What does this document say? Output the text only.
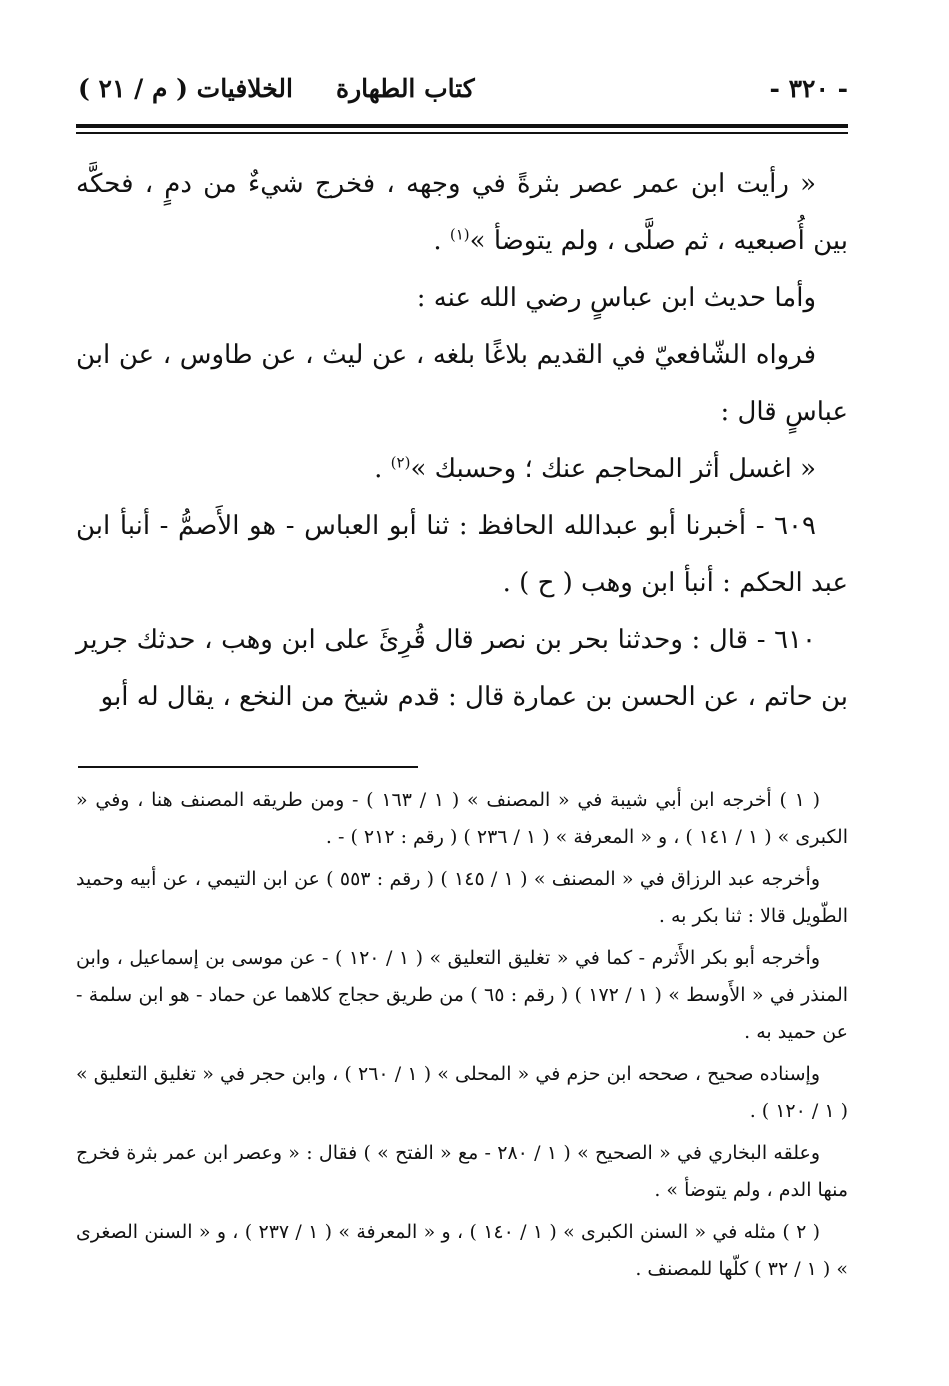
- ٣٢٠ -
كتاب الطهارة
الخلافيات ( م / ٢١ )

« رأيت ابن عمر عصر بثرةً في وجهه ، فخرج شيءٌ من دمٍ ، فحكَّه بين أُصبعيه ، ثم صلَّى ، ولم يتوضأ »$^{(١)}$ .

وأما حديث ابن عباسٍ رضي الله عنه :

فرواه الشّافعيّ في القديم بلاغًا بلغه ، عن ليث ، عن طاوس ، عن ابن عباسٍ قال :

« اغسل أثر المحاجم عنك ؛ وحسبك »$^{(٢)}$ .

٦٠٩ - أخبرنا أبو عبدالله الحافظ : ثنا أبو العباس - هو الأَصمُّ - أنبأ ابن عبد الحكم : أنبأ ابن وهب ( ح ) .

٦١٠ - قال : وحدثنا بحر بن نصر قال قُرِئَ على ابن وهب ، حدثك جرير بن حاتم ، عن الحسن بن عمارة قال : قدم شيخ من النخع ، يقال له أبو

( ١ ) أخرجه ابن أبي شيبة في « المصنف » ( ١ / ١٦٣ ) - ومن طريقه المصنف هنا ، وفي « الكبرى » ( ١ / ١٤١ ) ، و « المعرفة » ( ١ / ٢٣٦ ) ( رقم : ٢١٢ ) - .

وأخرجه عبد الرزاق في « المصنف » ( ١ / ١٤٥ ) ( رقم : ٥٥٣ ) عن ابن التيمي ، عن أبيه وحميد الطّويل قالا : ثنا بكر به .

وأخرجه أبو بكر الأَثرم - كما في « تغليق التعليق » ( ١ / ١٢٠ ) - عن موسى بن إسماعيل ، وابن المنذر في « الأَوسط » ( ١ / ١٧٢ ) ( رقم : ٦٥ ) من طريق حجاج كلاهما عن حماد - هو ابن سلمة - عن حميد به .

وإسناده صحيح ، صححه ابن حزم في « المحلى » ( ١ / ٢٦٠ ) ، وابن حجر في « تغليق التعليق » ( ١ / ١٢٠ ) .

وعلقه البخاري في « الصحيح » ( ١ / ٢٨٠ - مع « الفتح » ) فقال : « وعصر ابن عمر بثرة فخرج منها الدم ، ولم يتوضأ » .

( ٢ ) مثله في « السنن الكبرى » ( ١ / ١٤٠ ) ، و « المعرفة » ( ١ / ٢٣٧ ) ، و « السنن الصغرى » ( ١ / ٣٢ ) كلّها للمصنف .
